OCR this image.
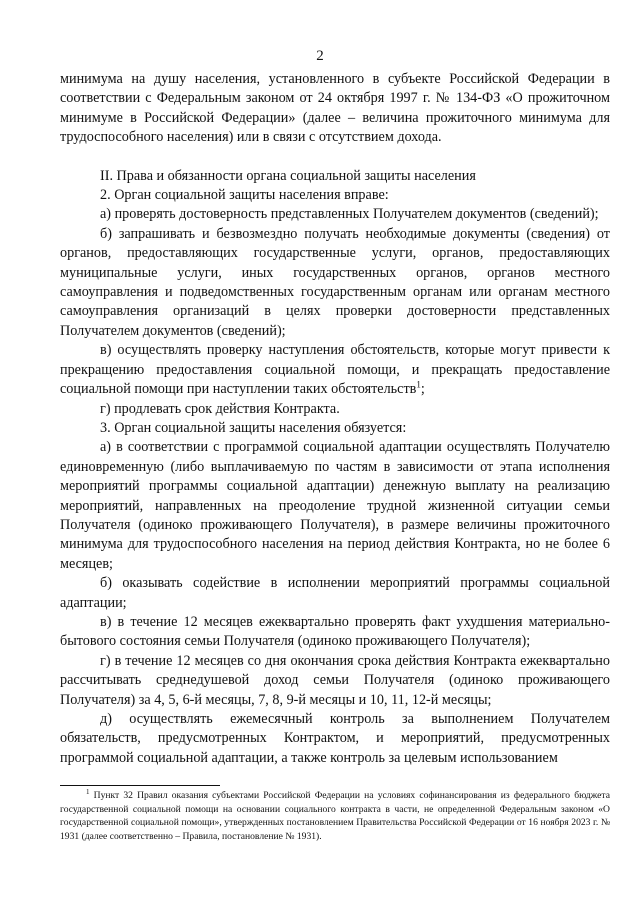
2

минимума на душу населения, установленного в субъекте Российской Федерации в соответствии с Федеральным законом от 24 октября 1997 г. № 134-ФЗ «О прожиточном минимуме в Российской Федерации» (далее – величина прожиточного минимума для трудоспособного населения) или в связи с отсутствием дохода.

II. Права и обязанности органа социальной защиты населения

2. Орган социальной защиты населения вправе:

а) проверять достоверность представленных Получателем документов (сведений);

б) запрашивать и безвозмездно получать необходимые документы (сведения) от органов, предоставляющих государственные услуги, органов, предоставляющих муниципальные услуги, иных государственных органов, органов местного самоуправления и подведомственных государственным органам или органам местного самоуправления организаций в целях проверки достоверности представленных Получателем документов (сведений);

в) осуществлять проверку наступления обстоятельств, которые могут привести к прекращению предоставления социальной помощи, и прекращать предоставление социальной помощи при наступлении таких обстоятельств$^1$;

г) продлевать срок действия Контракта.

3. Орган социальной защиты населения обязуется:

а) в соответствии с программой социальной адаптации осуществлять Получателю единовременную (либо выплачиваемую по частям в зависимости от этапа исполнения мероприятий программы социальной адаптации) денежную выплату на реализацию мероприятий, направленных на преодоление трудной жизненной ситуации семьи Получателя (одиноко проживающего Получателя), в размере величины прожиточного минимума для трудоспособного населения на период действия Контракта, но не более 6 месяцев;

б) оказывать содействие в исполнении мероприятий программы социальной адаптации;

в) в течение 12 месяцев ежеквартально проверять факт ухудшения материально-бытового состояния семьи Получателя (одиноко проживающего Получателя);

г) в течение 12 месяцев со дня окончания срока действия Контракта ежеквартально рассчитывать среднедушевой доход семьи Получателя (одиноко проживающего Получателя) за 4, 5, 6-й месяцы, 7, 8, 9-й месяцы и 10, 11, 12-й месяцы;

д) осуществлять ежемесячный контроль за выполнением Получателем обязательств, предусмотренных Контрактом, и мероприятий, предусмотренных программой социальной адаптации, а также контроль за целевым использованием

$^1$ Пункт 32 Правил оказания субъектами Российской Федерации на условиях софинансирования из федерального бюджета государственной социальной помощи на основании социального контракта в части, не определенной Федеральным законом «О государственной социальной помощи», утвержденных постановлением Правительства Российской Федерации от 16 ноября 2023 г. № 1931 (далее соответственно – Правила, постановление № 1931).
